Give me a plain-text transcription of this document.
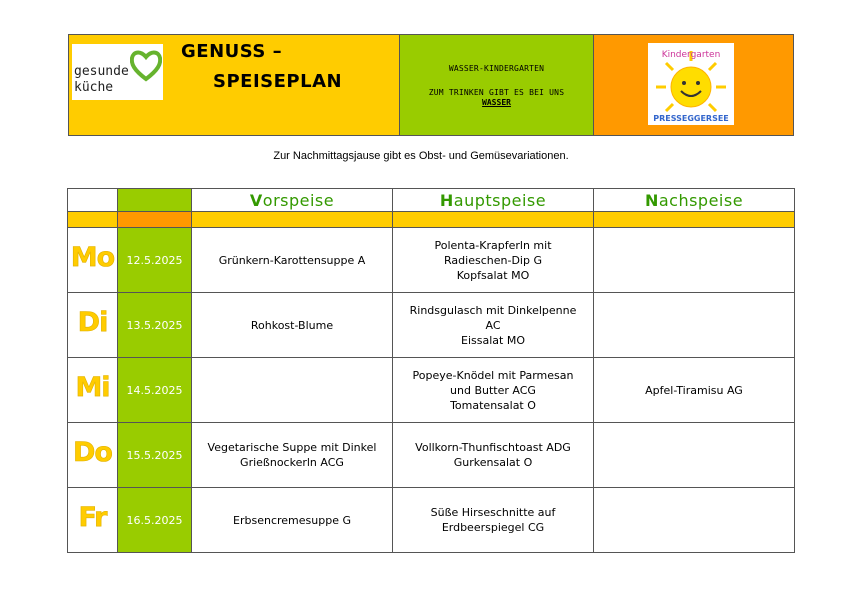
gesunde
küche
GENUSS –
SPEISEPLAN
WASSER-KINDERGARTEN
ZUM TRINKEN GIBT ES BEI UNS
WASSER
Kindergarten
PRESSEGGERSEE
Zur Nachmittagsjause gibt es Obst- und Gemüsevariationen.
		Vorspeise	Hauptspeise	Nachspeise

Mo	12.5.2025	Grünkern-Karottensuppe A	Polenta-Krapferln mit
Radieschen-Dip G
Kopfsalat MO	

Di	13.5.2025	Rohkost-Blume	Rindsgulasch mit Dinkelpenne
AC
Eissalat MO	

Mi	14.5.2025		Popeye-Knödel mit Parmesan
und Butter ACG
Tomatensalat O	Apfel-Tiramisu AG

Do	15.5.2025	Vegetarische Suppe mit Dinkel
Grießnockerln ACG	Vollkorn-Thunfischtoast ADG
Gurkensalat O	

Fr	16.5.2025	Erbsencremesuppe G	Süße Hirseschnitte auf
Erdbeerspiegel CG	
